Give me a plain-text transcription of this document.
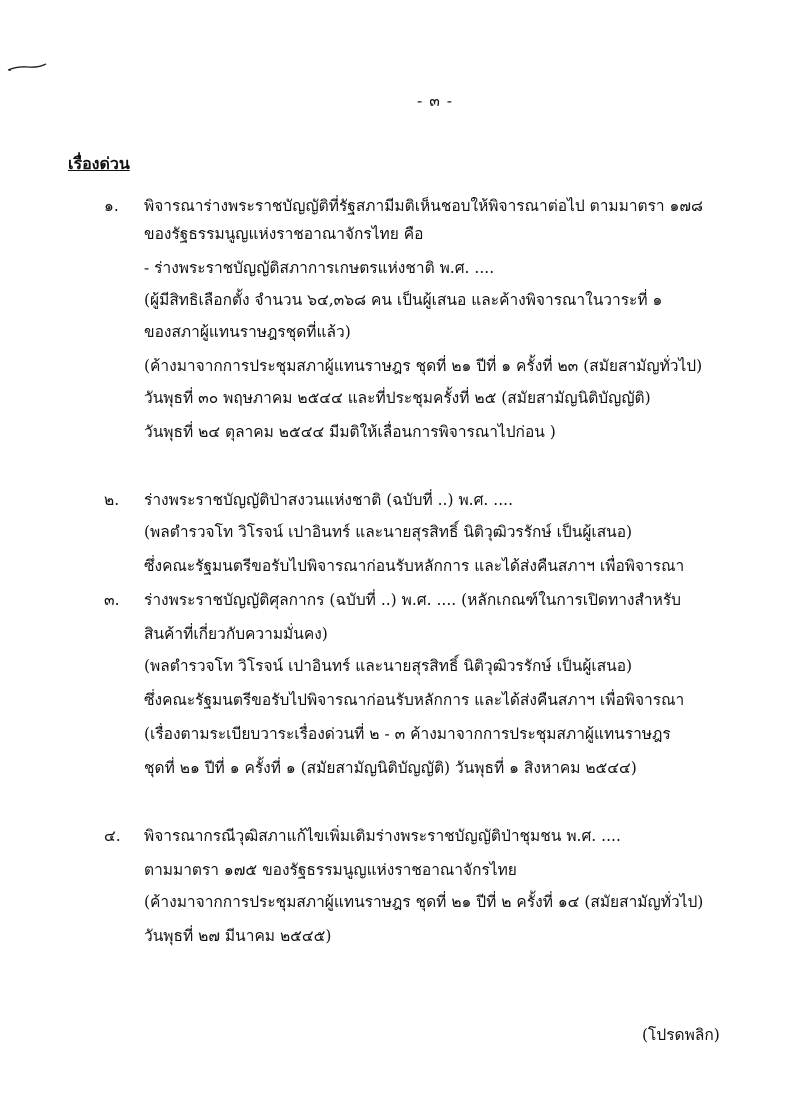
- ๓ -
เรื่องด่วน
๑. พิจารณาร่างพระราชบัญญัติที่รัฐสภามีมติเห็นชอบให้พิจารณาต่อไป ตามมาตรา ๑๗๘
ของรัฐธรรมนูญแห่งราชอาณาจักรไทย คือ
- ร่างพระราชบัญญัติสภาการเกษตรแห่งชาติ พ.ศ. ....
(ผู้มีสิทธิเลือกตั้ง จำนวน ๖๔,๓๖๘ คน เป็นผู้เสนอ และค้างพิจารณาในวาระที่ ๑
ของสภาผู้แทนราษฎรชุดที่แล้ว)
(ค้างมาจากการประชุมสภาผู้แทนราษฎร ชุดที่ ๒๑ ปีที่ ๑ ครั้งที่ ๒๓ (สมัยสามัญทั่วไป)
วันพุธที่ ๓๐ พฤษภาคม ๒๕๔๔ และที่ประชุมครั้งที่ ๒๕ (สมัยสามัญนิติบัญญัติ)
วันพุธที่ ๒๔ ตุลาคม ๒๕๔๔ มีมติให้เลื่อนการพิจารณาไปก่อน )
๒. ร่างพระราชบัญญัติป่าสงวนแห่งชาติ (ฉบับที่ ..) พ.ศ. ....
(พลตำรวจโท วิโรจน์ เปาอินทร์ และนายสุรสิทธิ์ นิติวุฒิวรรักษ์ เป็นผู้เสนอ)
ซึ่งคณะรัฐมนตรีขอรับไปพิจารณาก่อนรับหลักการ และได้ส่งคืนสภาฯ เพื่อพิจารณา
๓. ร่างพระราชบัญญัติศุลกากร (ฉบับที่ ..) พ.ศ. .... (หลักเกณฑ์ในการเปิดทางสำหรับ
สินค้าที่เกี่ยวกับความมั่นคง)
(พลตำรวจโท วิโรจน์ เปาอินทร์ และนายสุรสิทธิ์ นิติวุฒิวรรักษ์ เป็นผู้เสนอ)
ซึ่งคณะรัฐมนตรีขอรับไปพิจารณาก่อนรับหลักการ และได้ส่งคืนสภาฯ เพื่อพิจารณา
(เรื่องตามระเบียบวาระเรื่องด่วนที่ ๒ - ๓ ค้างมาจากการประชุมสภาผู้แทนราษฎร
ชุดที่ ๒๑ ปีที่ ๑ ครั้งที่ ๑ (สมัยสามัญนิติบัญญัติ) วันพุธที่ ๑ สิงหาคม ๒๕๔๔)
๔. พิจารณากรณีวุฒิสภาแก้ไขเพิ่มเติมร่างพระราชบัญญัติป่าชุมชน พ.ศ. ....
ตามมาตรา ๑๗๕ ของรัฐธรรมนูญแห่งราชอาณาจักรไทย
(ค้างมาจากการประชุมสภาผู้แทนราษฎร ชุดที่ ๒๑ ปีที่ ๒ ครั้งที่ ๑๔ (สมัยสามัญทั่วไป)
วันพุธที่ ๒๗ มีนาคม ๒๕๔๕)
(โปรดพลิก)
